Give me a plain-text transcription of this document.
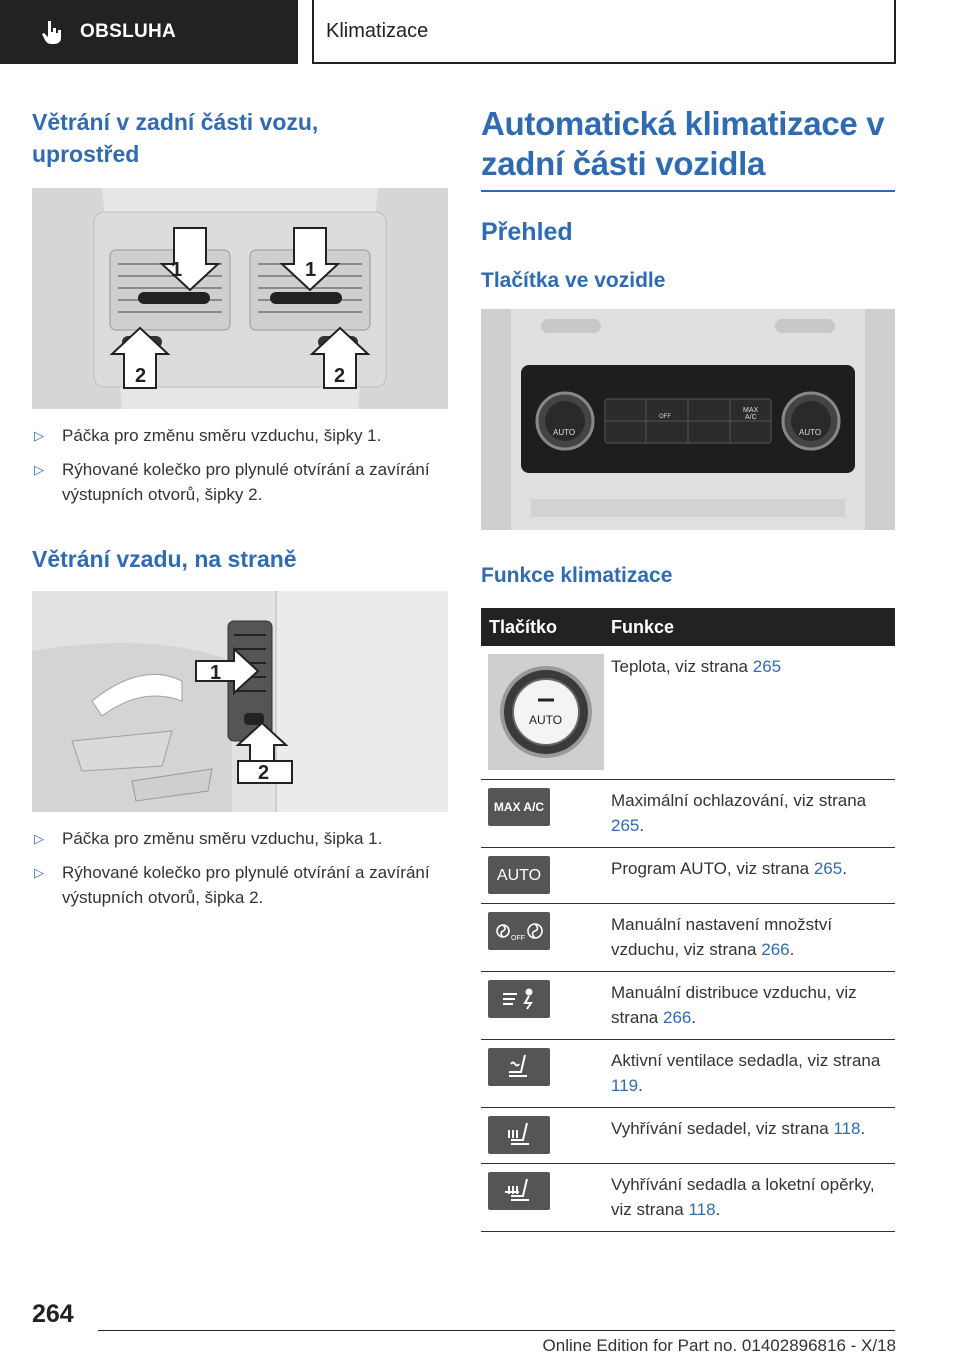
OBSLUHA	Klimatizace
Větrání v zadní části vozu, uprostřed
1	1
2	2
▷ Páčka pro změnu směru vzduchu, šipky 1.
▷ Rýhované kolečko pro plynulé otvírání a zavírání výstupních otvorů, šipky 2.
Větrání vzadu, na straně
1
2
▷ Páčka pro změnu směru vzduchu, šipka 1.
▷ Rýhované kolečko pro plynulé otvírání a zavírání výstupních otvorů, šipka 2.
Automatická klimatizace v zadní části vozidla
Přehled
Tlačítka ve vozidle
AUTO	AUTO
MAX
A/C
OFF
Funkce klimatizace
Tlačítko	Funkce

AUTO	Teplota, viz strana 265

MAX A/C	Maximální ochlazování, viz strana 265.

AUTO	Program AUTO, viz strana 265.

OFF	Manuální nastavení množství vzduchu, viz strana 266.

	Manuální distribuce vzduchu, viz strana 266.

	Aktivní ventilace sedadla, viz strana 119.

	Vyhřívání sedadel, viz strana 118.

	Vyhřívání sedadla a loketní opěrky, viz strana 118.
264
Online Edition for Part no. 01402896816 - X/18
